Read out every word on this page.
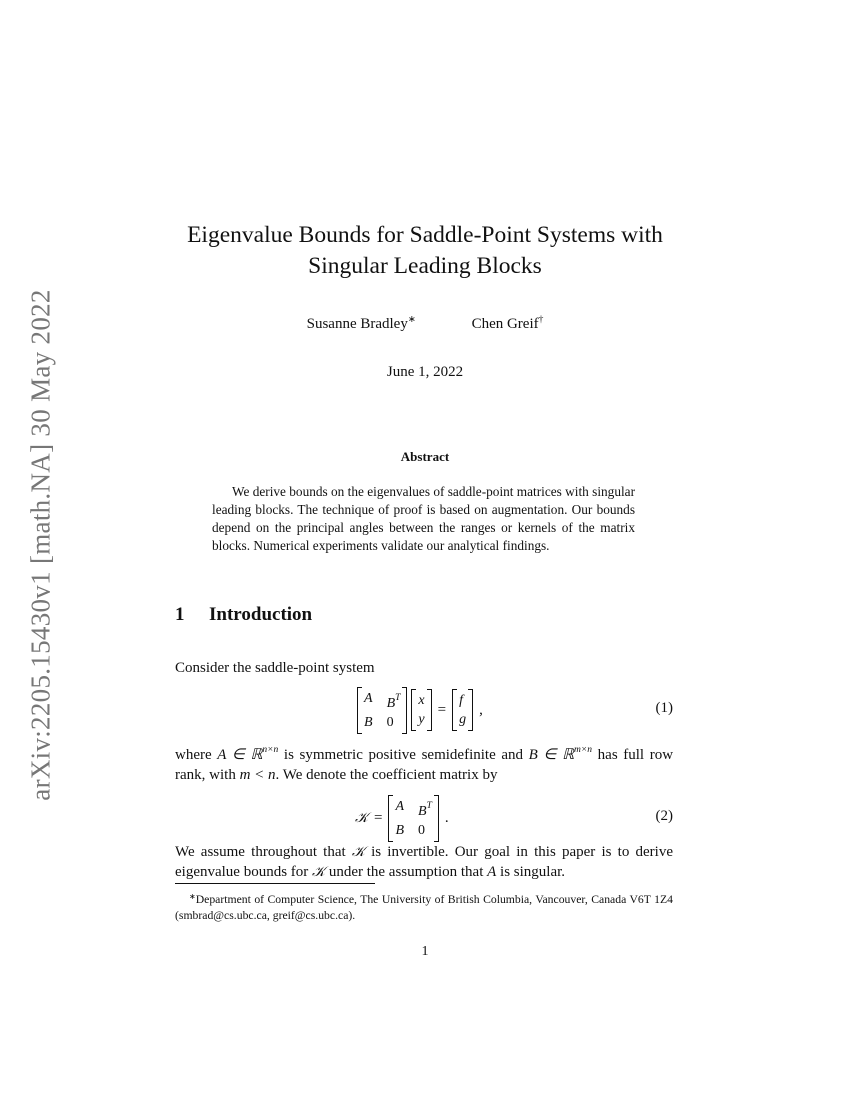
arXiv:2205.15430v1 [math.NA] 30 May 2022
Eigenvalue Bounds for Saddle-Point Systems with
Singular Leading Blocks
Susanne Bradley∗	Chen Greif†
June 1, 2022
Abstract

We derive bounds on the eigenvalues of saddle-point matrices with singular leading blocks. The technique of proof is based on augmentation. Our bounds depend on the principal angles between the ranges or kernels of the matrix blocks. Numerical experiments validate our analytical findings.

1 Introduction

Consider the saddle-point system

A $B^T$
B 0
x
y
=
f
g
,	(1)

where A ∈ ℝ$^{n\times n}$ is symmetric positive semidefinite and B ∈ ℝ$^{m\times n}$ has full row rank, with m < n. We denote the coefficient matrix by

𝒦 =
A $B^T$
B 0
.	(2)

We assume throughout that 𝒦 is invertible. Our goal in this paper is to derive eigenvalue bounds for 𝒦 under the assumption that A is singular.

∗Department of Computer Science, The University of British Columbia, Vancouver, Canada V6T 1Z4 (smbrad@cs.ubc.ca, greif@cs.ubc.ca).

1
